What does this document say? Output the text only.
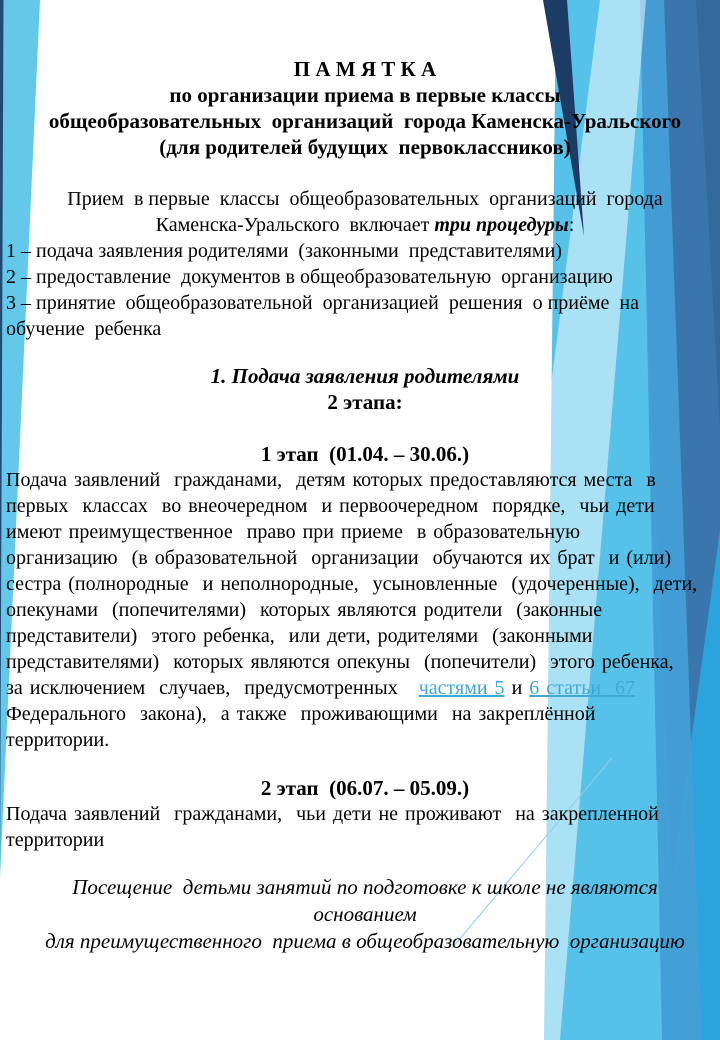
П А М Я Т К А
по организации приема в первые классы
общеобразовательных  организаций  города Каменска-Уральского
(для родителей будущих  первоклассников)
Прием  в первые  классы  общеобразовательных  организаций  города
Каменска-Уральского  включает три процедуры:
1 – подача заявления родителями  (законными  представителями)
2 – предоставление  документов в общеобразовательную  организацию
3 – принятие  общеобразовательной  организацией  решения  о приёме  на
обучение  ребенка
1. Подача заявления родителями
2 этапа:
1 этап  (01.04. – 30.06.)
Подача заявлений  гражданами,  детям которых предоставляются места  в
первых  классах  во внеочередном  и первоочередном  порядке,  чьи дети
имеют преимущественное  право при приеме  в образовательную
организацию  (в образовательной  организации  обучаются их брат  и (или)
сестра (полнородные  и неполнородные,  усыновленные  (удочеренные),  дети,
опекунами  (попечителями)  которых являются родители  (законные
представители)  этого ребенка,  или дети, родителями  (законными
представителями)  которых являются опекуны  (попечители)  этого ребенка,
за исключением  случаев,  предусмотренных   частями 5 и 6 статьи  67
Федерального  закона),  а также  проживающими  на закреплённой
территории.
2 этап  (06.07. – 05.09.)
Подача заявлений  гражданами,  чьи дети не проживают  на закрепленной
территории
Посещение  детьми занятий по подготовке к школе не являются
основанием
для преимущественного  приема в общеобразовательную  организацию
